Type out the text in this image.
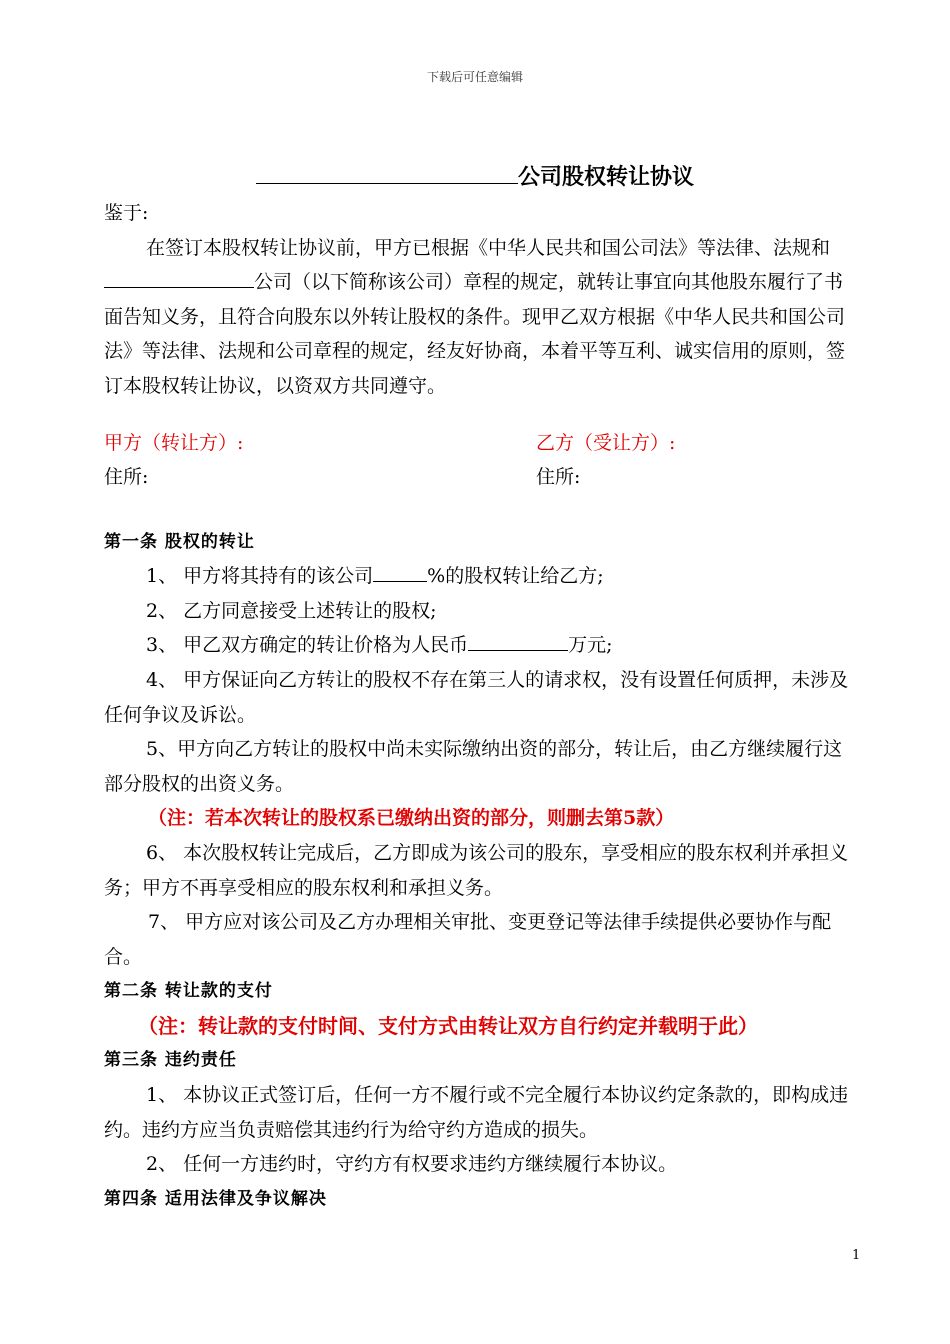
下载后可任意编辑
公司股权转让协议

鉴于:

在签订本股权转让协议前，甲方已根据《中华人民共和国公司法》等法律、法规和公司（以下简称该公司）章程的规定，就转让事宜向其他股东履行了书面告知义务，且符合向股东以外转让股权的条件。现甲乙双方根据《中华人民共和国公司法》等法律、法规和公司章程的规定，经友好协商，本着平等互利、诚实信用的原则，签订本股权转让协议，以资双方共同遵守。

甲方（转让方）:
住所:
乙方（受让方）:
住所:

第一条 股权的转让

1、 甲方将其持有的该公司	%的股权转让给乙方;

2、 乙方同意接受上述转让的股权;

3、 甲乙双方确定的转让价格为人民币	万元;

4、 甲方保证向乙方转让的股权不存在第三人的请求权，没有设置任何质押，未涉及任何争议及诉讼。

5、甲方向乙方转让的股权中尚未实际缴纳出资的部分，转让后，由乙方继续履行这部分股权的出资义务。

（注：若本次转让的股权系已缴纳出资的部分，则删去第5款）

6、 本次股权转让完成后，乙方即成为该公司的股东，享受相应的股东权利并承担义务；甲方不再享受相应的股东权利和承担义务。

7、 甲方应对该公司及乙方办理相关审批、变更登记等法律手续提供必要协作与配合。

第二条 转让款的支付

（注：转让款的支付时间、支付方式由转让双方自行约定并载明于此）

第三条 违约责任

1、 本协议正式签订后，任何一方不履行或不完全履行本协议约定条款的，即构成违约。违约方应当负责赔偿其违约行为给守约方造成的损失。

2、 任何一方违约时，守约方有权要求违约方继续履行本协议。

第四条 适用法律及争议解决

1
